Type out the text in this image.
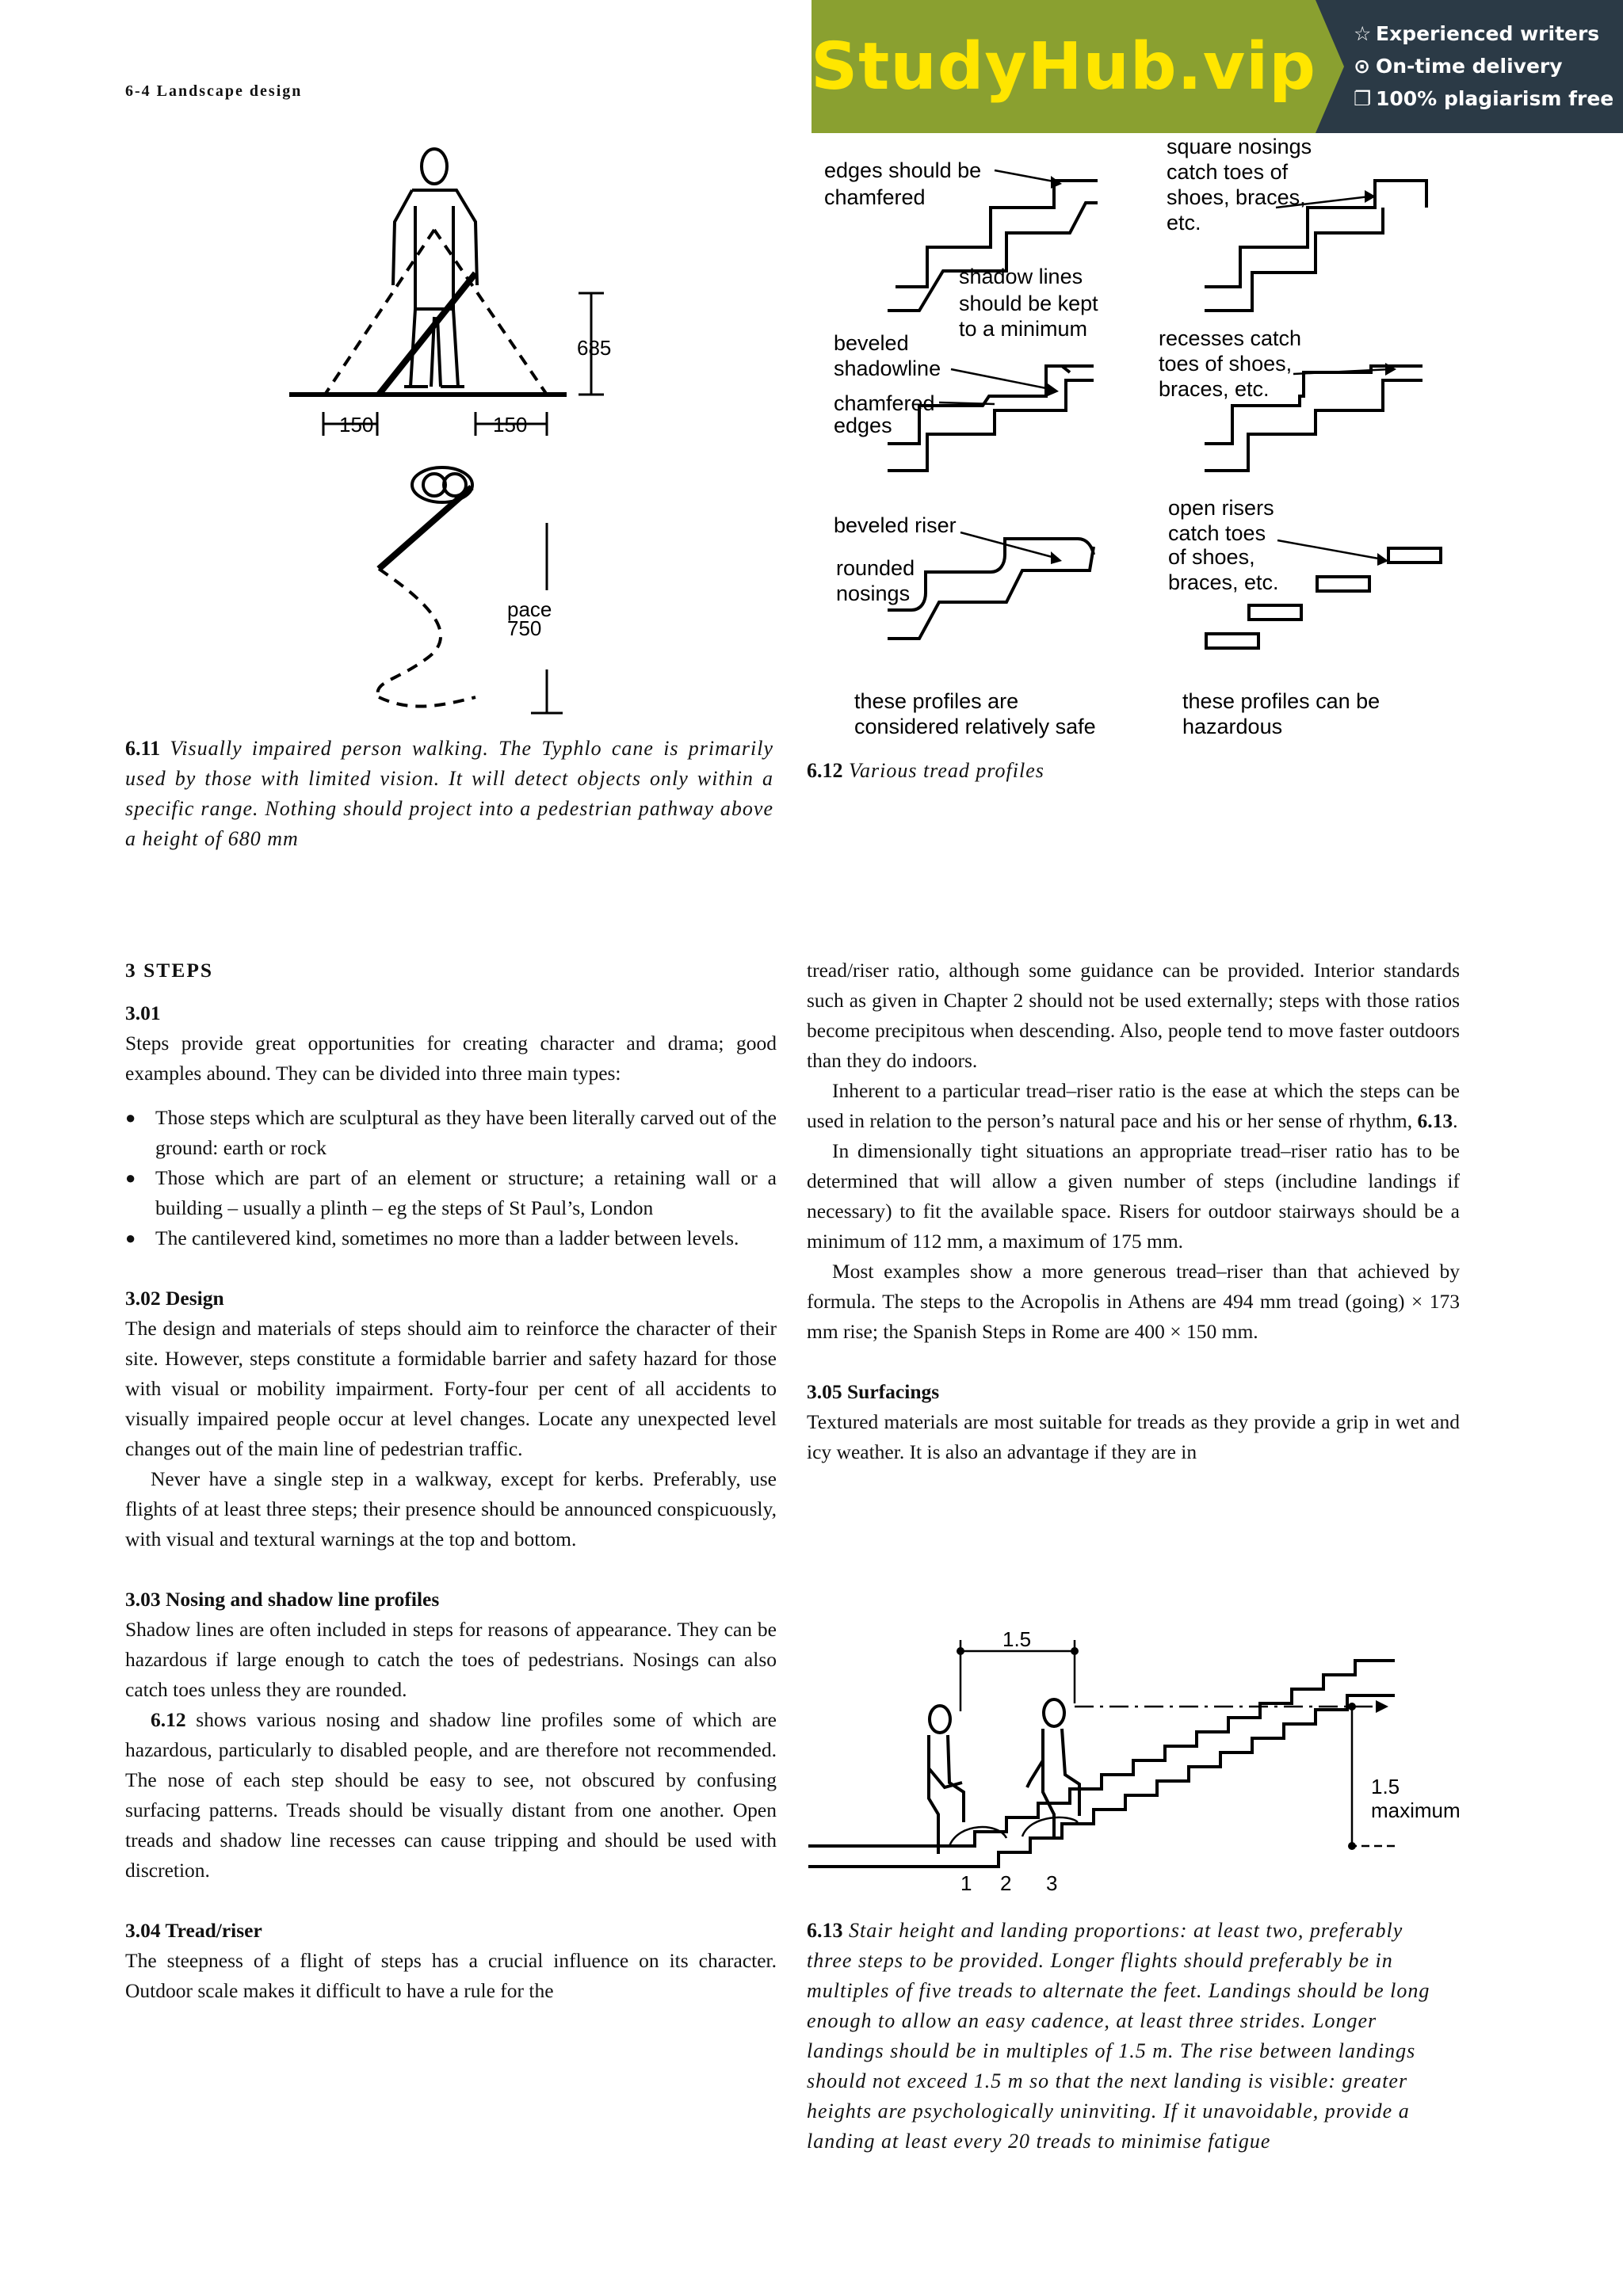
6-4 Landscape design	StudyHub.vip ☆ Experienced writers
⊙ On-time delivery
❐ 100% plagiarism free
685
150	150
pace
750
6.11 Visually impaired person walking. The Typhlo cane is primarily used by those with limited vision. It will detect objects only within a specific range. Nothing should project into a pedestrian pathway above a height of 680 mm
edges should be
chamfered
shadow lines
should be kept
to a minimum
beveled
shadowline
chamfered
edges
beveled riser
rounded
nosings
these profiles are
considered relatively safe
square nosings
catch toes of
shoes, braces,
etc.
recesses catch
toes of shoes,
braces, etc.
open risers
catch toes
of shoes,
braces, etc.
these profiles can be
hazardous
6.12 Various tread profiles

3 STEPS

3.01

Steps provide great opportunities for creating character and drama; good examples abound. They can be divided into three main types:

● Those steps which are sculptural as they have been literally carved out of the ground: earth or rock
● Those which are part of an element or structure; a retaining wall or a building – usually a plinth – eg the steps of St Paul’s, London
● The cantilevered kind, sometimes no more than a ladder between levels.

3.02 Design

The design and materials of steps should aim to reinforce the character of their site. However, steps constitute a formidable barrier and safety hazard for those with visual or mobility impairment. Forty-four per cent of all accidents to visually impaired people occur at level changes. Locate any unexpected level changes out of the main line of pedestrian traffic.

Never have a single step in a walkway, except for kerbs. Preferably, use flights of at least three steps; their presence should be announced conspicuously, with visual and textural warnings at the top and bottom.

3.03 Nosing and shadow line profiles

Shadow lines are often included in steps for reasons of appearance. They can be hazardous if large enough to catch the toes of pedestrians. Nosings can also catch toes unless they are rounded.

6.12 shows various nosing and shadow line profiles some of which are hazardous, particularly to disabled people, and are therefore not recommended. The nose of each step should be easy to see, not obscured by confusing surfacing patterns. Treads should be visually distant from one another. Open treads and shadow line recesses can cause tripping and should be used with discretion.

3.04 Tread/riser

The steepness of a flight of steps has a crucial influence on its character. Outdoor scale makes it difficult to have a rule for the

tread/riser ratio, although some guidance can be provided. Interior standards such as given in Chapter 2 should not be used externally; steps with those ratios become precipitous when descending. Also, people tend to move faster outdoors than they do indoors.

Inherent to a particular tread–riser ratio is the ease at which the steps can be used in relation to the person’s natural pace and his or her sense of rhythm, 6.13.

In dimensionally tight situations an appropriate tread–riser ratio has to be determined that will allow a given number of steps (includine landings if necessary) to fit the available space. Risers for outdoor stairways should be a minimum of 112 mm, a maximum of 175 mm.

Most examples show a more generous tread–riser than that achieved by formula. The steps to the Acropolis in Athens are 494 mm tread (going) × 173 mm rise; the Spanish Steps in Rome are 400 × 150 mm.

3.05 Surfacings

Textured materials are most suitable for treads as they provide a grip in wet and icy weather. It is also an advantage if they are in

1.5
1.5
maximum
1 2 3
6.13 Stair height and landing proportions: at least two, preferably three steps to be provided. Longer flights should preferably be in multiples of five treads to alternate the feet. Landings should be long enough to allow an easy cadence, at least three strides. Longer landings should be in multiples of 1.5 m. The rise between landings should not exceed 1.5 m so that the next landing is visible: greater heights are psychologically uninviting. If it unavoidable, provide a landing at least every 20 treads to minimise fatigue
